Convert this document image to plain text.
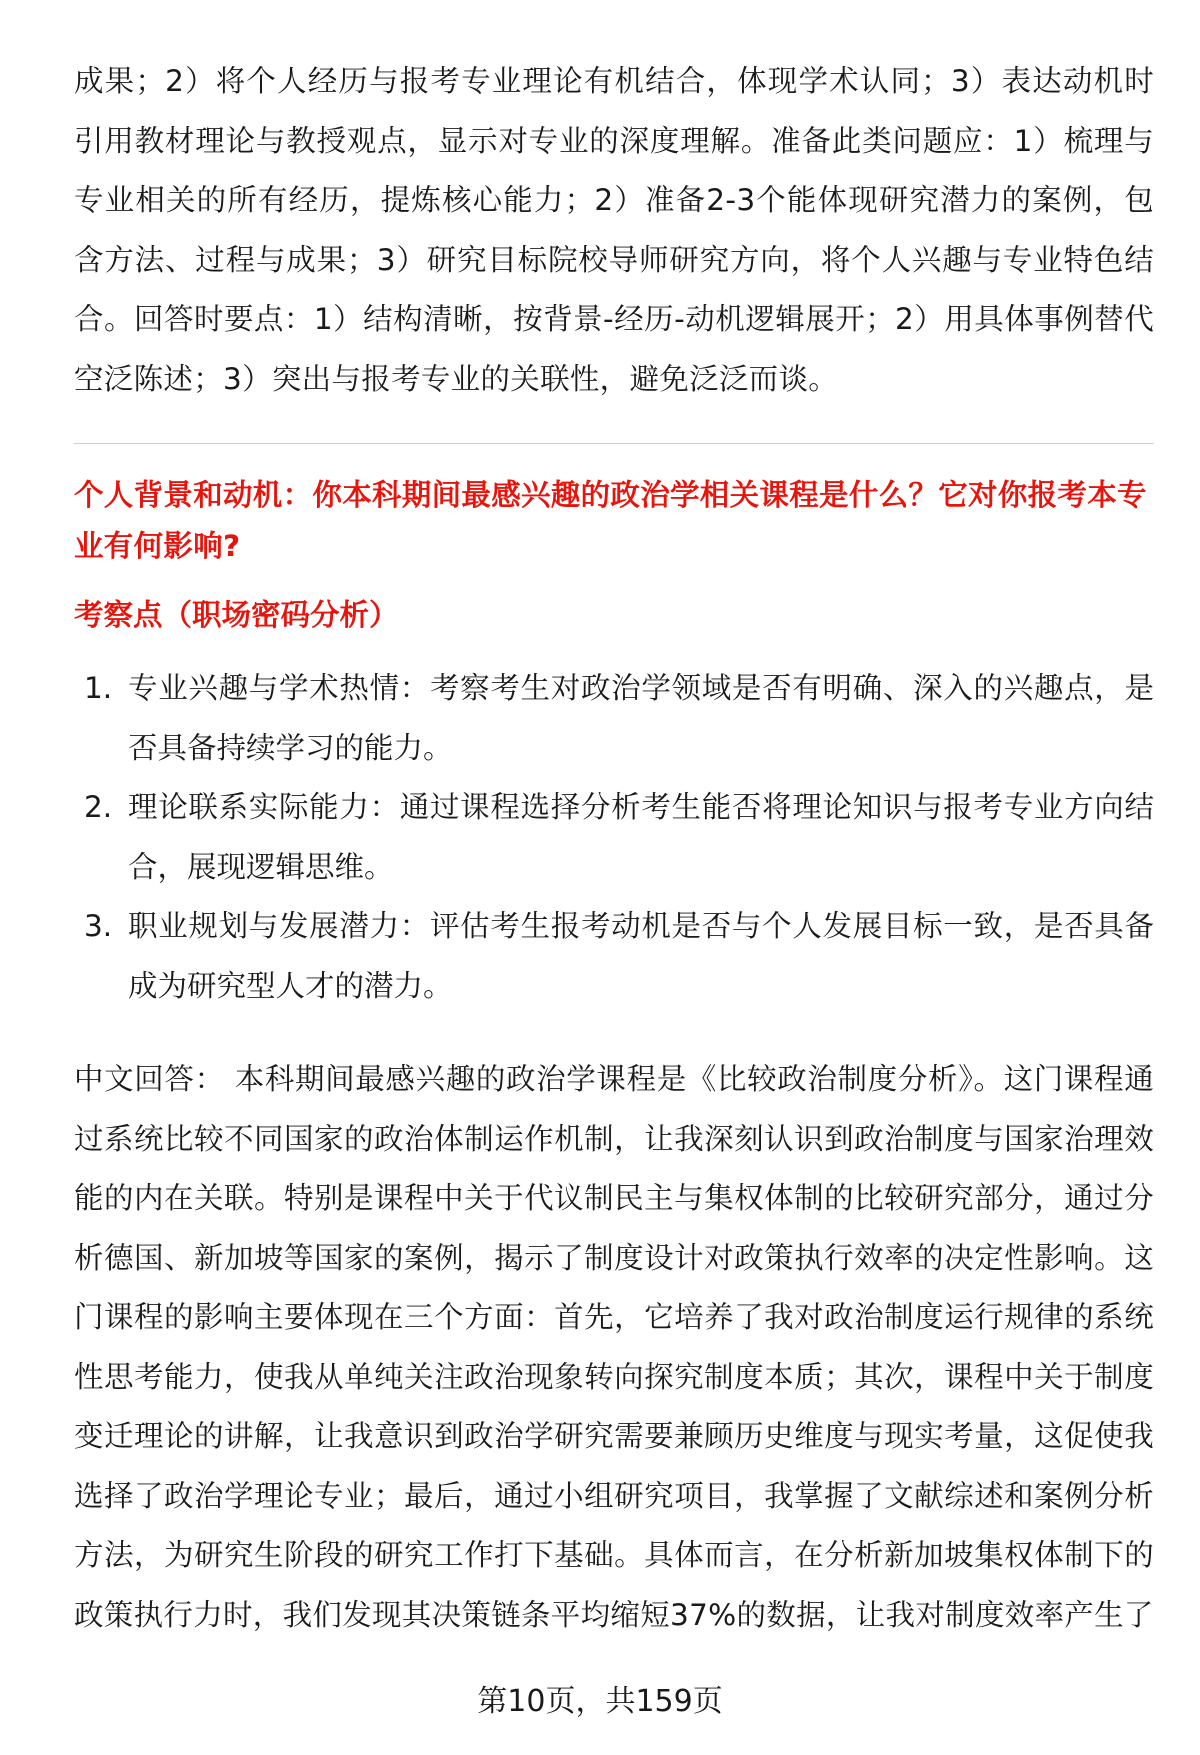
成果；2）将个人经历与报考专业理论有机结合，体现学术认同；3）表达动机时引用教材理论与教授观点，显示对专业的深度理解。准备此类问题应：1）梳理与专业相关的所有经历，提炼核心能力；2）准备2-3个能体现研究潜力的案例，包含方法、过程与成果；3）研究目标院校导师研究方向，将个人兴趣与专业特色结合。回答时要点：1）结构清晰，按背景-经历-动机逻辑展开；2）用具体事例替代空泛陈述；3）突出与报考专业的关联性，避免泛泛而谈。

个人背景和动机：你本科期间最感兴趣的政治学相关课程是什么？它对你报考本专业有何影响?
考察点（职场密码分析）
1. 专业兴趣与学术热情：考察考生对政治学领域是否有明确、深入的兴趣点，是否具备持续学习的能力。
2. 理论联系实际能力：通过课程选择分析考生能否将理论知识与报考专业方向结合，展现逻辑思维。
3. 职业规划与发展潜力：评估考生报考动机是否与个人发展目标一致，是否具备成为研究型人才的潜力。

中文回答： 本科期间最感兴趣的政治学课程是《比较政治制度分析》。这门课程通过系统比较不同国家的政治体制运作机制，让我深刻认识到政治制度与国家治理效能的内在关联。特别是课程中关于代议制民主与集权体制的比较研究部分，通过分析德国、新加坡等国家的案例，揭示了制度设计对政策执行效率的决定性影响。这门课程的影响主要体现在三个方面：首先，它培养了我对政治制度运行规律的系统性思考能力，使我从单纯关注政治现象转向探究制度本质；其次，课程中关于制度变迁理论的讲解，让我意识到政治学研究需要兼顾历史维度与现实考量，这促使我选择了政治学理论专业；最后，通过小组研究项目，我掌握了文献综述和案例分析方法，为研究生阶段的研究工作打下基础。具体而言，在分析新加坡集权体制下的政策执行力时，我们发现其决策链条平均缩短37%的数据，让我对制度效率产生了

第10页，共159页
